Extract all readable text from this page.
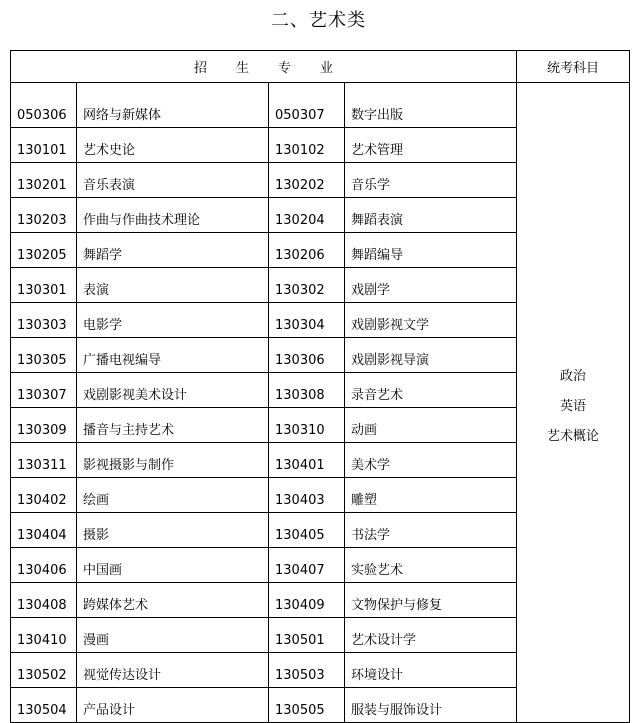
二、艺术类
招 生 专 业				统考科目
050306	网络与新媒体	050307	数字出版	政治
英语
艺术概论

130101	艺术史论	130102	艺术管理	
130201	音乐表演	130202	音乐学	
130203	作曲与作曲技术理论	130204	舞蹈表演	
130205	舞蹈学	130206	舞蹈编导	
130301	表演	130302	戏剧学	
130303	电影学	130304	戏剧影视文学	
130305	广播电视编导	130306	戏剧影视导演	
130307	戏剧影视美术设计	130308	录音艺术	
130309	播音与主持艺术	130310	动画	
130311	影视摄影与制作	130401	美术学	
130402	绘画	130403	雕塑	
130404	摄影	130405	书法学	
130406	中国画	130407	实验艺术	
130408	跨媒体艺术	130409	文物保护与修复	
130410	漫画	130501	艺术设计学	
130502	视觉传达设计	130503	环境设计	
130504	产品设计	130505	服装与服饰设计	
